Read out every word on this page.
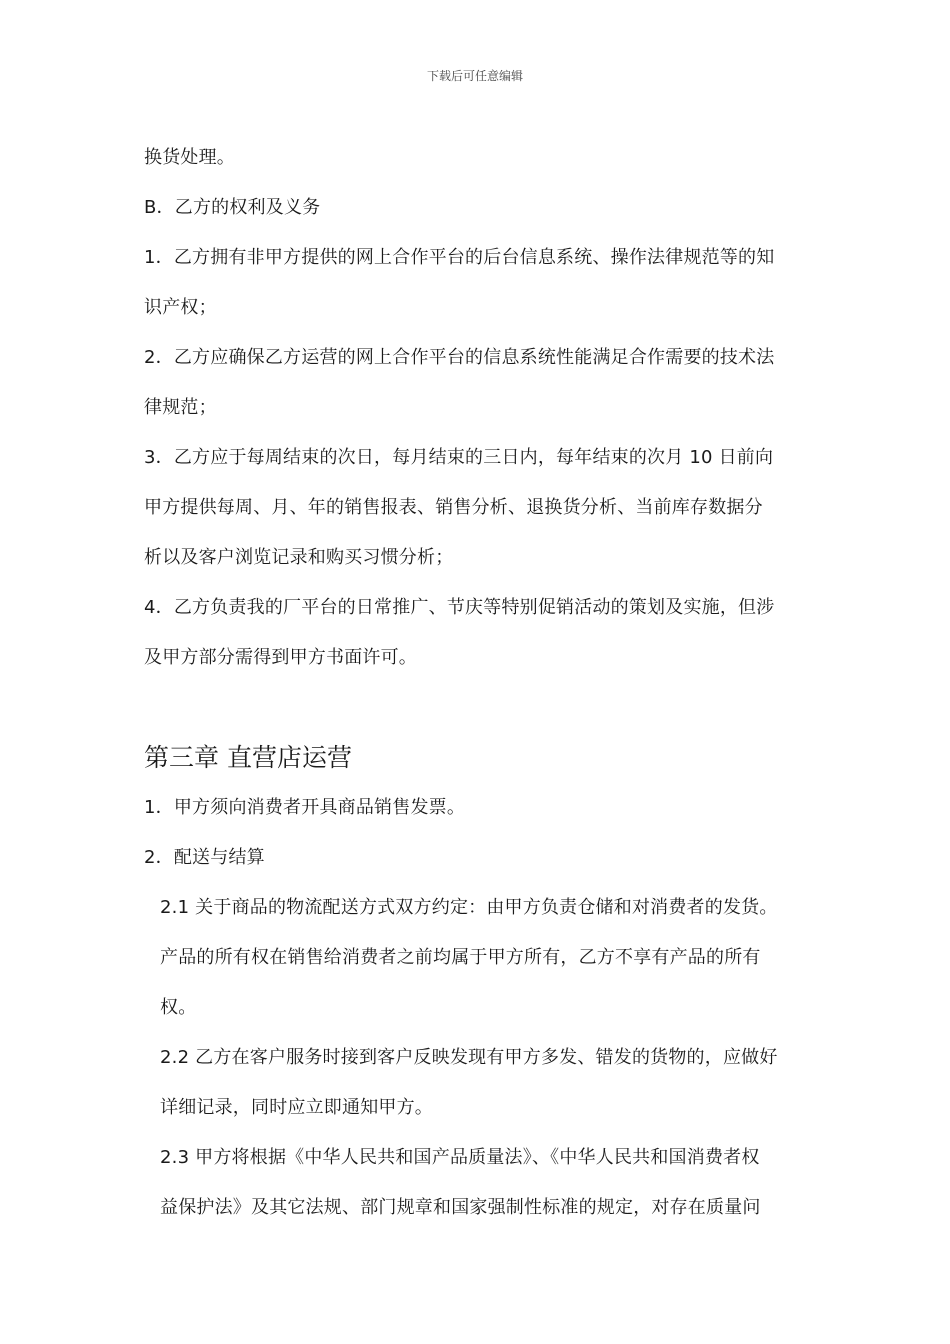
下载后可任意编辑

换货处理。

B．乙方的权利及义务

1．乙方拥有非甲方提供的网上合作平台的后台信息系统、操作法律规范等的知

识产权；

2．乙方应确保乙方运营的网上合作平台的信息系统性能满足合作需要的技术法

律规范；

3．乙方应于每周结束的次日，每月结束的三日内，每年结束的次月 10 日前向

甲方提供每周、月、年的销售报表、销售分析、退换货分析、当前库存数据分

析以及客户浏览记录和购买习惯分析；

4．乙方负责我的厂平台的日常推广、节庆等特别促销活动的策划及实施，但涉

及甲方部分需得到甲方书面许可。

第三章 直营店运营

1．甲方须向消费者开具商品销售发票。

2．配送与结算

2.1 关于商品的物流配送方式双方约定：由甲方负责仓储和对消费者的发货。

产品的所有权在销售给消费者之前均属于甲方所有，乙方不享有产品的所有

权。

2.2 乙方在客户服务时接到客户反映发现有甲方多发、错发的货物的，应做好

详细记录，同时应立即通知甲方。

2.3 甲方将根据《中华人民共和国产品质量法》、《中华人民共和国消费者权

益保护法》及其它法规、部门规章和国家强制性标准的规定，对存在质量问
